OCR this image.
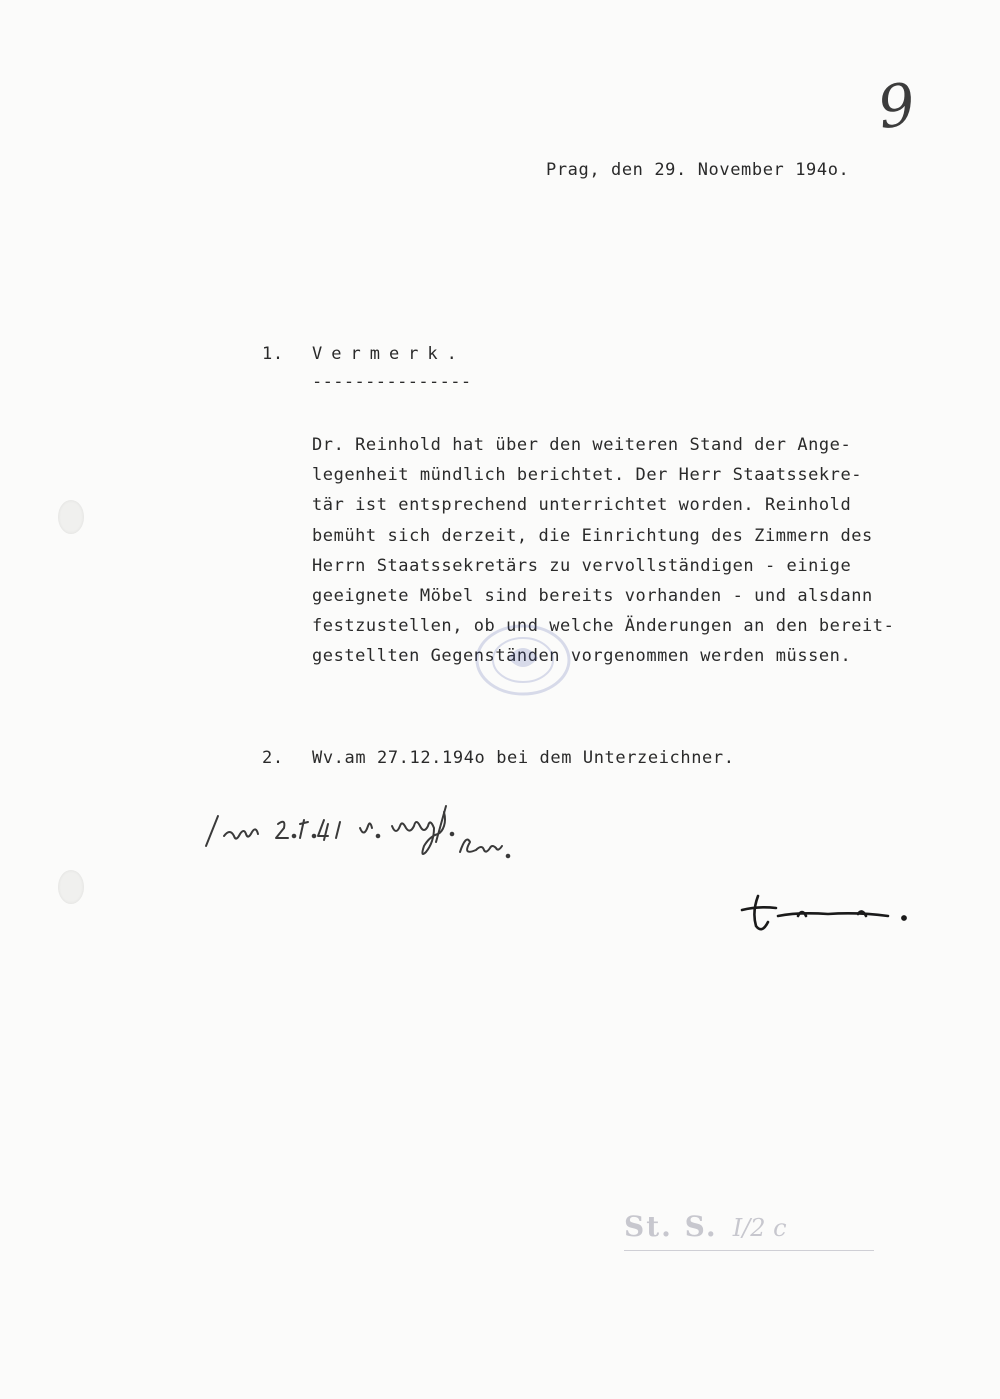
9
Prag, den 29. November 194o.
1. Vermerk.
---------------
Dr. Reinhold hat über den weiteren Stand der Ange-
legenheit mündlich berichtet. Der Herr Staatssekre-
tär ist entsprechend unterrichtet worden. Reinhold
bemüht sich derzeit, die Einrichtung des Zimmern des
Herrn Staatssekretärs zu vervollständigen - einige
geeignete Möbel sind bereits vorhanden - und alsdann
festzustellen, ob und welche Änderungen an den bereit-
gestellten Gegenständen vorgenommen werden müssen.
2. Wv.am 27.12.194o bei dem Unterzeichner.
St. S. I/2 c
